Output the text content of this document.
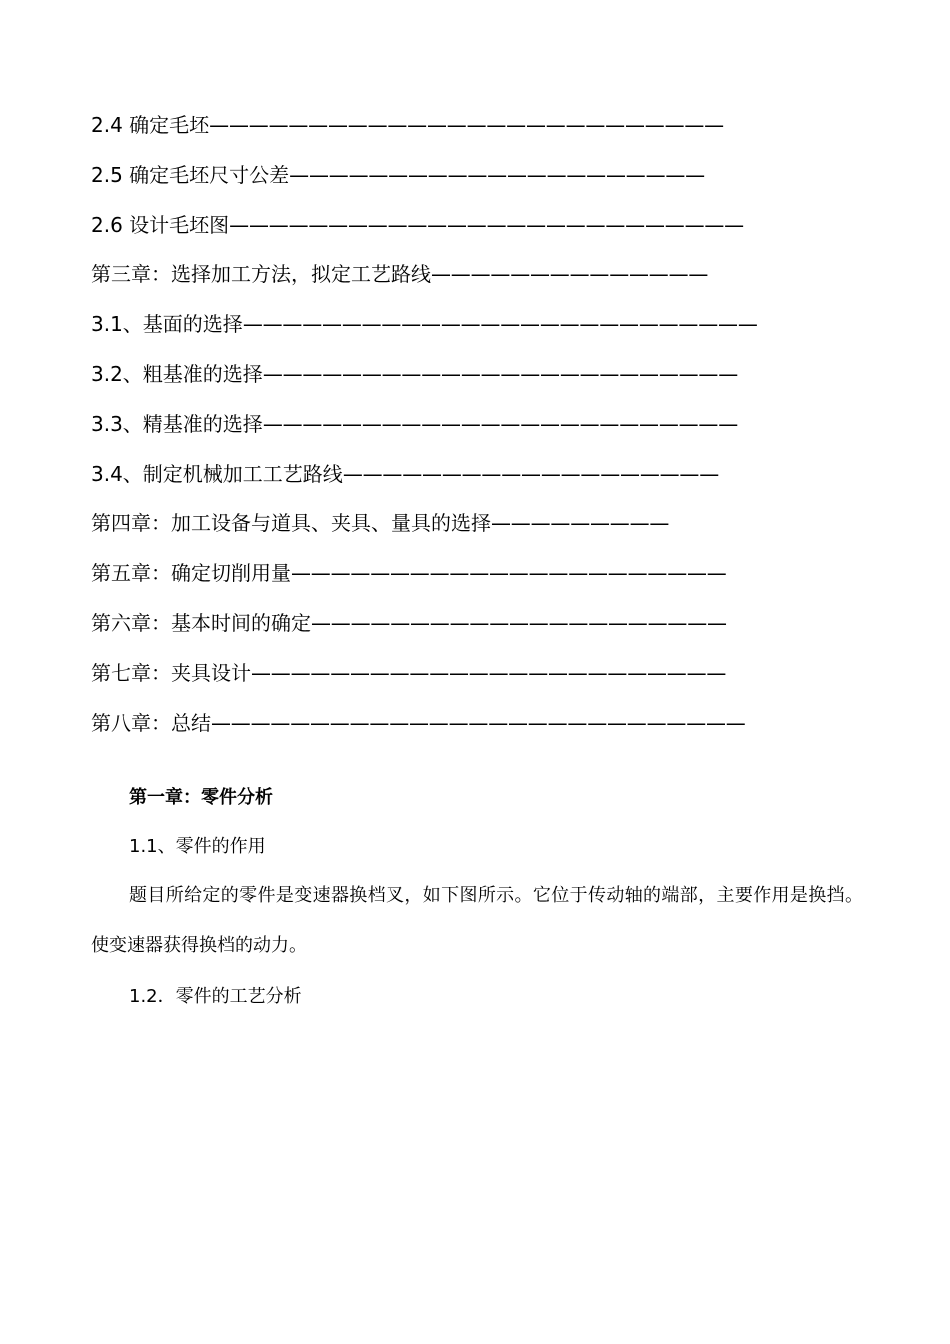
2.4 确定毛坯——————————————————————————
2.5 确定毛坯尺寸公差—————————————————————
2.6 设计毛坯图——————————————————————————
第三章：选择加工方法，拟定工艺路线——————————————
3.1、基面的选择——————————————————————————
3.2、粗基准的选择————————————————————————
3.3、精基准的选择————————————————————————
3.4、制定机械加工工艺路线———————————————————
第四章：加工设备与道具、夹具、量具的选择—————————
第五章：确定切削用量——————————————————————
第六章：基本时间的确定—————————————————————
第七章：夹具设计————————————————————————
第八章：总结———————————————————————————
第一章：零件分析
1.1、零件的作用
题目所给定的零件是变速器换档叉，如下图所示。它位于传动轴的端部，主要作用是换挡。使变速器获得换档的动力。
1.2．零件的工艺分析
